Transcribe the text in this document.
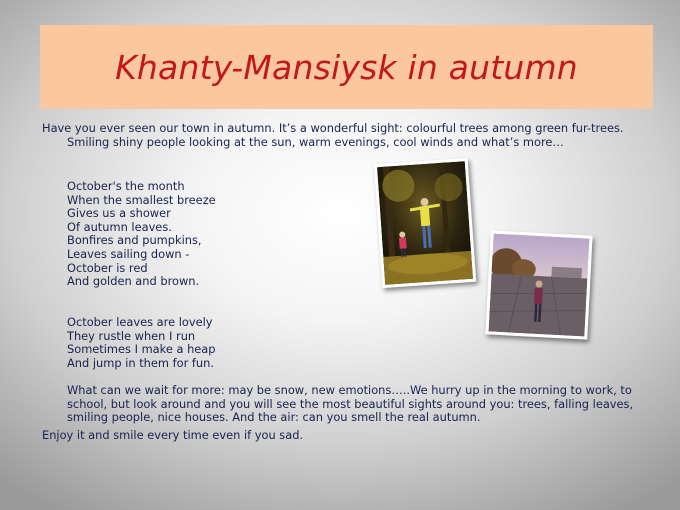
Khanty-Mansiysk in autumn
Have you ever seen our town in autumn. It’s a wonderful sight: colourful trees among green fur-trees.
Smiling shiny people looking at the sun, warm evenings, cool winds and what’s more…
October's the month
When the smallest breeze
Gives us a shower
Of autumn leaves.
Bonfires and pumpkins,
Leaves sailing down -
October is red
And golden and brown.
October leaves are lovely
They rustle when I run
Sometimes I make a heap
And jump in them for fun.
What can we wait for more: may be snow, new emotions…..We hurry up in the morning to work, to
school, but look around and you will see the most beautiful sights around you: trees, falling leaves,
smiling people, nice houses. And the air: can you smell the real autumn.
Enjoy it and smile every time even if you sad.
